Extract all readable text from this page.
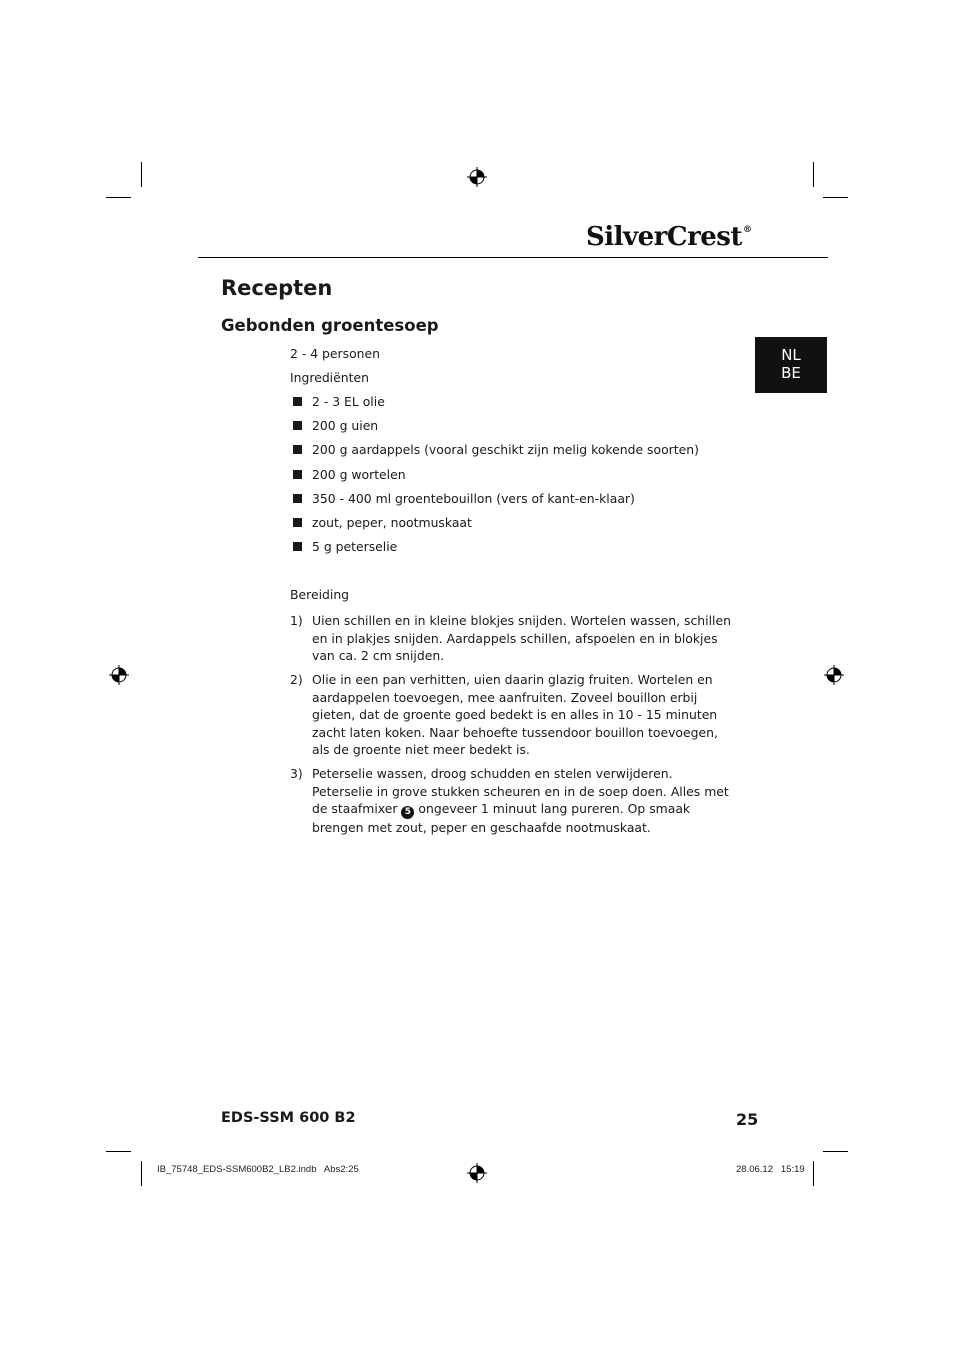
SilverCrest®
Recepten
Gebonden groentesoep
NL
BE
2 - 4 personen
Ingrediënten
2 - 3 EL olie
200 g uien
200 g aardappels (vooral geschikt zijn melig kokende soorten)
200 g wortelen
350 - 400 ml groentebouillon (vers of kant-en-klaar)
zout, peper, nootmuskaat
5 g peterselie
Bereiding
1) Uien schillen en in kleine blokjes snijden. Wortelen wassen, schillen en in plakjes snijden. Aardappels schillen, afspoelen en in blokjes van ca. 2 cm snijden.
2) Olie in een pan verhitten, uien daarin glazig fruiten. Wortelen en aardappelen toevoegen, mee aanfruiten. Zoveel bouillon erbij gieten, dat de groente goed bedekt is en alles in 10 - 15 minuten zacht laten koken. Naar behoefte tussendoor bouillon toevoegen, als de groente niet meer bedekt is.
3) Peterselie wassen, droog schudden en stelen verwijderen. Peterselie in grove stukken scheuren en in de soep doen. Alles met de staafmixer 5 ongeveer 1 minuut lang pureren. Op smaak brengen met zout, peper en geschaafde nootmuskaat.
EDS-SSM 600 B2	25
IB_75748_EDS-SSM600B2_LB2.indb   Abs2:25	28.06.12   15:19
